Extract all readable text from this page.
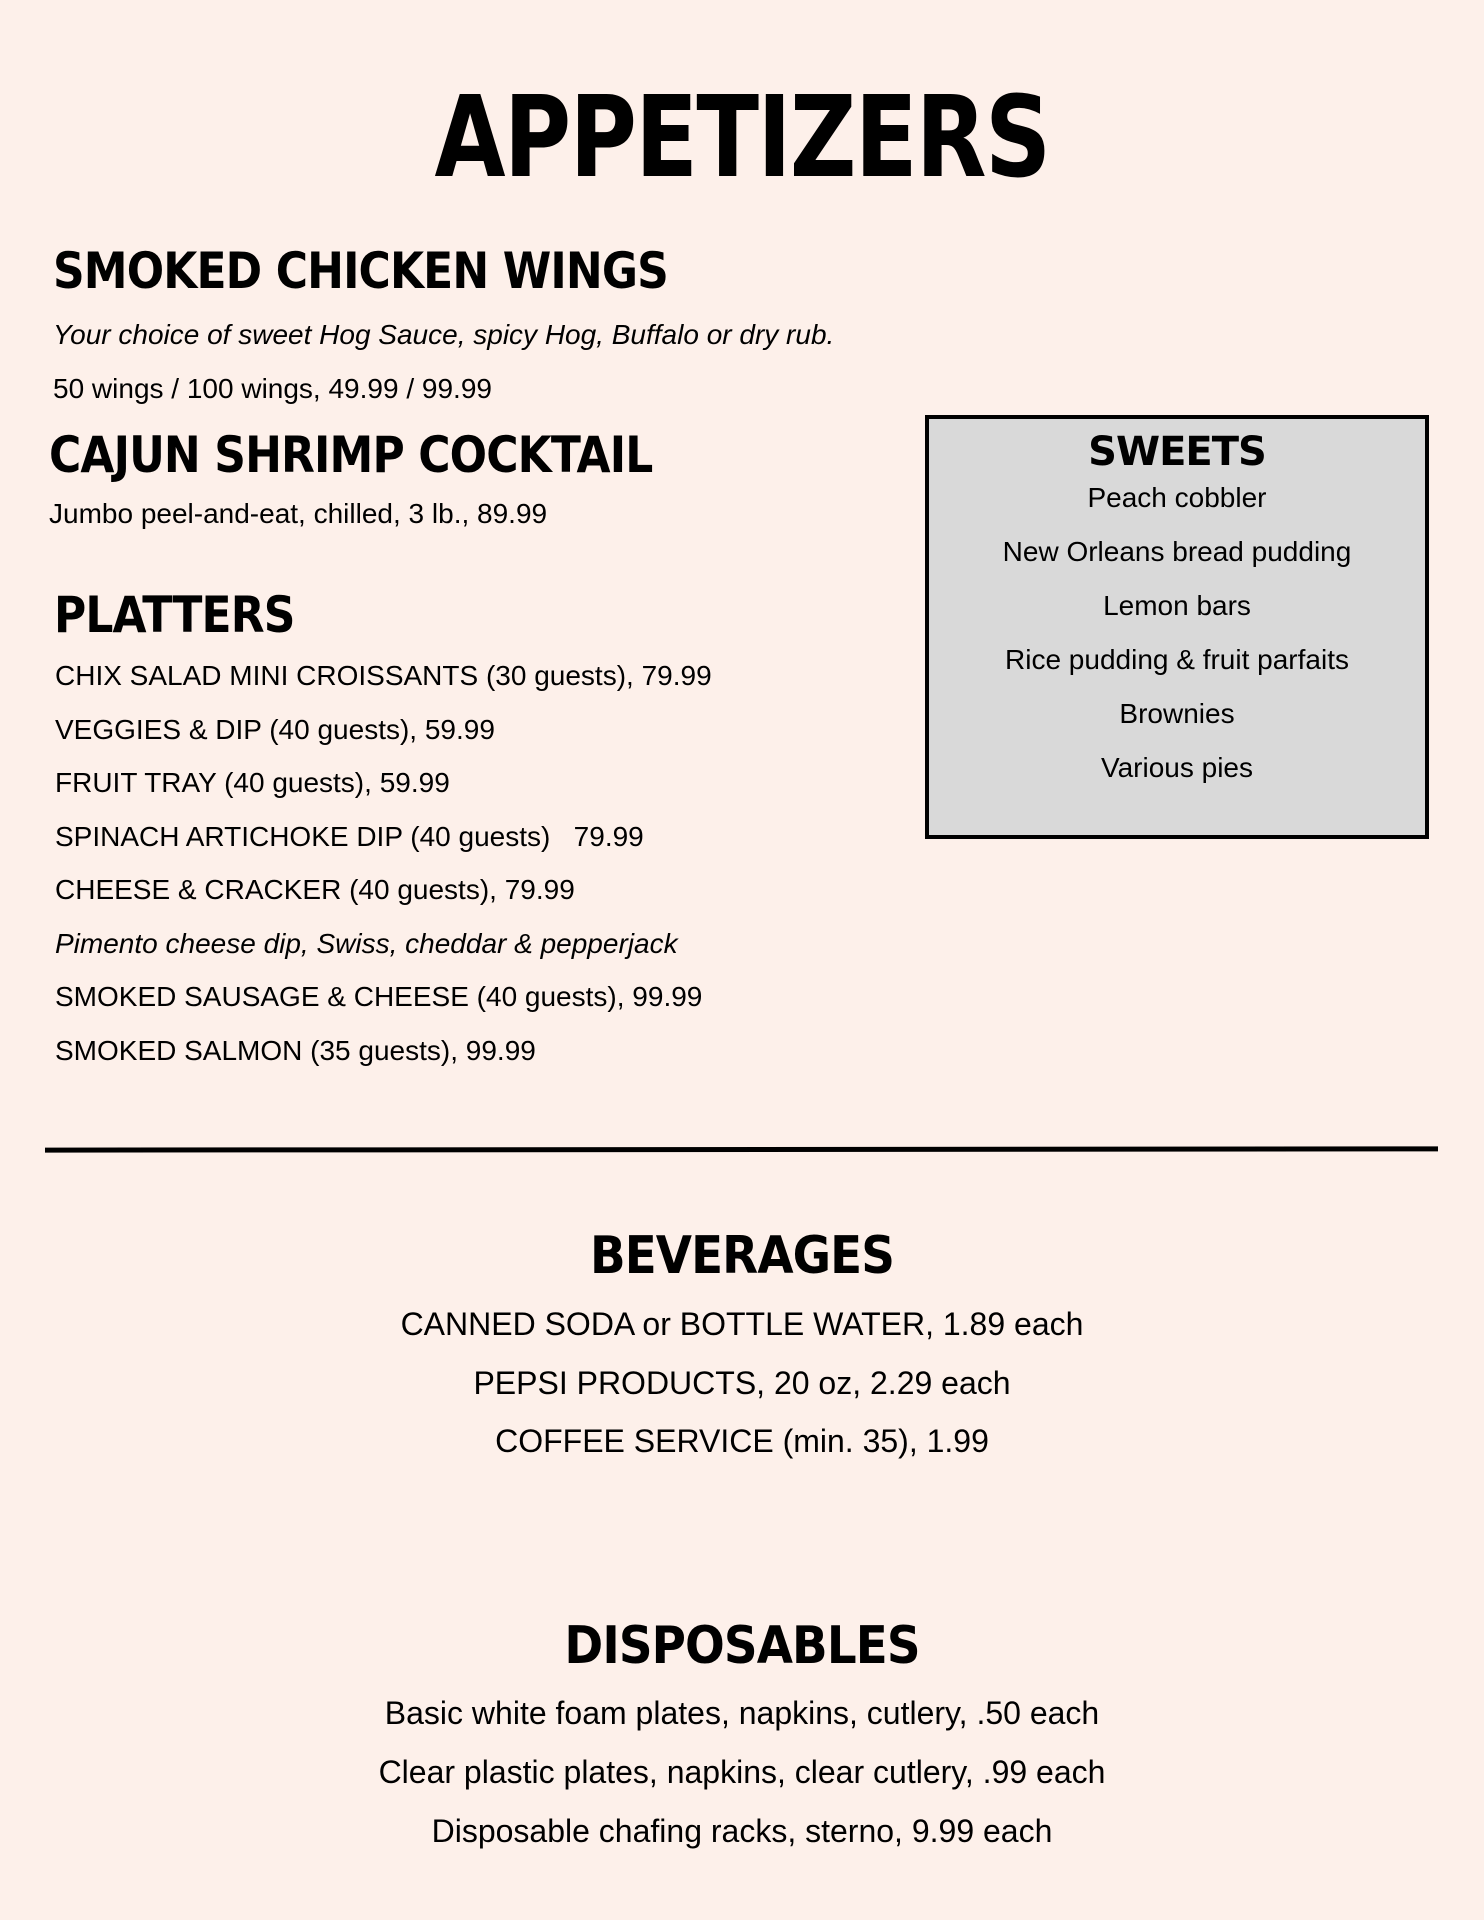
APPETIZERS
SMOKED CHICKEN WINGS
Your choice of sweet Hog Sauce, spicy Hog, Buffalo or dry rub.
50 wings / 100 wings, 49.99 / 99.99
CAJUN SHRIMP COCKTAIL
Jumbo peel-and-eat, chilled, 3 lb., 89.99
PLATTERS
CHIX SALAD MINI CROISSANTS (30 guests), 79.99
VEGGIES & DIP (40 guests), 59.99
FRUIT TRAY (40 guests), 59.99
SPINACH ARTICHOKE DIP (40 guests)   79.99
CHEESE & CRACKER (40 guests), 79.99
Pimento cheese dip, Swiss, cheddar & pepperjack
SMOKED SAUSAGE & CHEESE (40 guests), 99.99
SMOKED SALMON (35 guests), 99.99
SWEETS
Peach cobbler
New Orleans bread pudding
Lemon bars
Rice pudding & fruit parfaits
Brownies
Various pies
BEVERAGES
CANNED SODA or BOTTLE WATER, 1.89 each
PEPSI PRODUCTS, 20 oz, 2.29 each
COFFEE SERVICE (min. 35), 1.99
DISPOSABLES
Basic white foam plates, napkins, cutlery, .50 each
Clear plastic plates, napkins, clear cutlery, .99 each
Disposable chafing racks, sterno, 9.99 each
